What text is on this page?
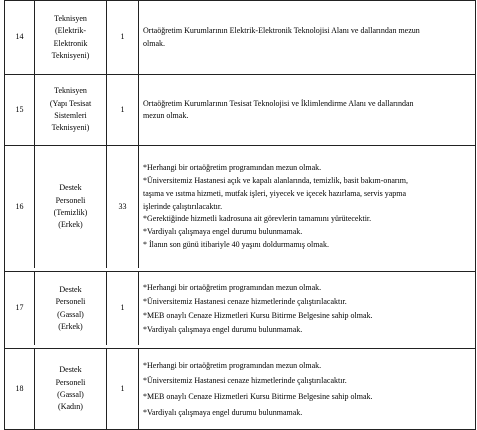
14
Teknisyen
(Elektrik-
Elektronik
Teknisyeni)
1
Ortaöğretim Kurumlarının Elektrik-Elektronik Teknolojisi Alanı ve dallarından mezun
olmak.
15
Teknisyen
(Yapı Tesisat
Sistemleri
Teknisyeni)
1
Ortaöğretim Kurumlarının Tesisat Teknolojisi ve İklimlendirme Alanı ve dallarından
mezun olmak.
16
Destek
Personeli
(Temizlik)
(Erkek)
33
*Herhangi bir ortaöğretim programından mezun olmak.
*Üniversitemiz Hastanesi açık ve kapalı alanlarında, temizlik, basit bakım-onarım,
taşıma ve ısıtma hizmeti, mutfak işleri, yiyecek ve içecek hazırlama, servis yapma
işlerinde çalıştırılacaktır.
*Gerektiğinde hizmetli kadrosuna ait görevlerin tamamını yürütecektir.
*Vardiyalı çalışmaya engel durumu bulunmamak.
* İlanın son günü itibariyle 40 yaşını doldurmamış olmak.
17
Destek
Personeli
(Gassal)
(Erkek)
1
*Herhangi bir ortaöğretim programından mezun olmak.
*Üniversitemiz Hastanesi cenaze hizmetlerinde çalıştırılacaktır.
*MEB onaylı Cenaze Hizmetleri Kursu Bitirme Belgesine sahip olmak.
*Vardiyalı çalışmaya engel durumu bulunmamak.
18
Destek
Personeli
(Gassal)
(Kadın)
1
*Herhangi bir ortaöğretim programından mezun olmak.
*Üniversitemiz Hastanesi cenaze hizmetlerinde çalıştırılacaktır.
*MEB onaylı Cenaze Hizmetleri Kursu Bitirme Belgesine sahip olmak.
*Vardiyalı çalışmaya engel durumu bulunmamak.
